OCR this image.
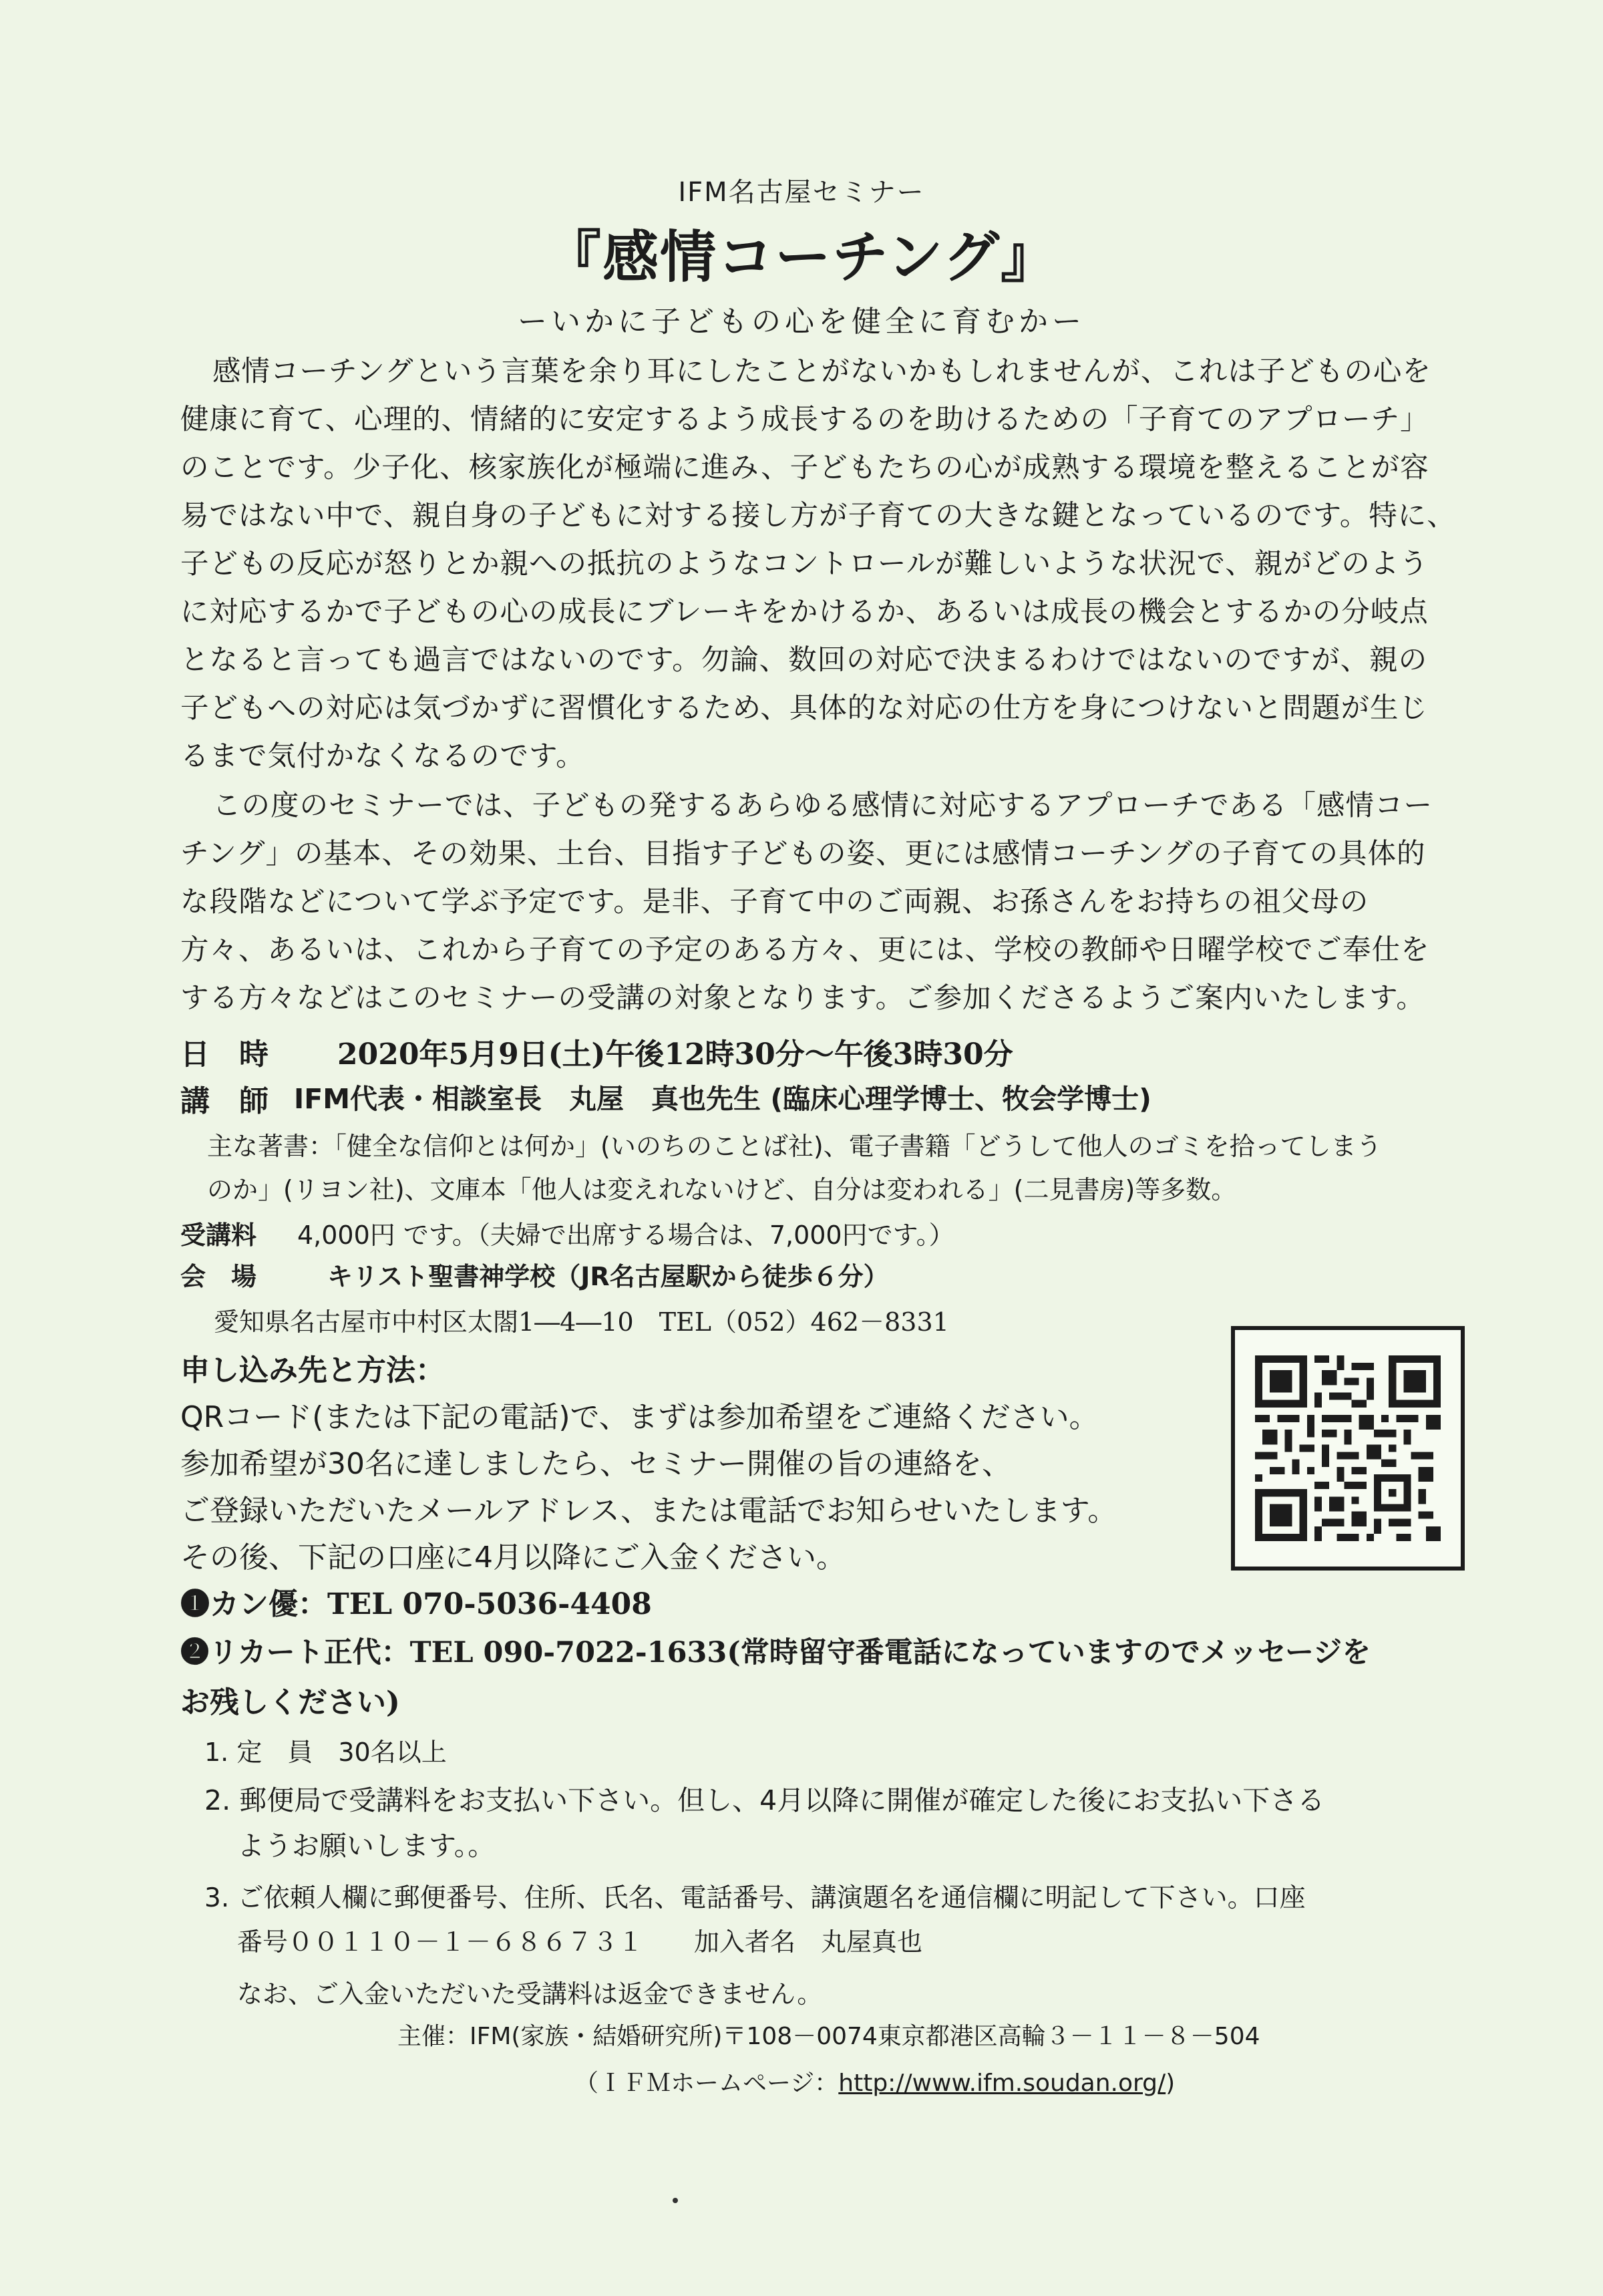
IFM名古屋セミナー
『感情コーチング』
ーいかに子どもの心を健全に育むかー
感情コーチングという言葉を余り耳にしたことがないかもしれませんが、これは子どもの心を
健康に育て、心理的、情緒的に安定するよう成長するのを助けるための「子育てのアプローチ」
のことです。少子化、核家族化が極端に進み、子どもたちの心が成熟する環境を整えることが容
易ではない中で、親自身の子どもに対する接し方が子育ての大きな鍵となっているのです。特に、
子どもの反応が怒りとか親への抵抗のようなコントロールが難しいような状況で、親がどのよう
に対応するかで子どもの心の成長にブレーキをかけるか、あるいは成長の機会とするかの分岐点
となると言っても過言ではないのです。勿論、数回の対応で決まるわけではないのですが、親の
子どもへの対応は気づかずに習慣化するため、具体的な対応の仕方を身につけないと問題が生じ
るまで気付かなくなるのです。
この度のセミナーでは、子どもの発するあらゆる感情に対応するアプローチである「感情コー
チング」の基本、その効果、土台、目指す子どもの姿、更には感情コーチングの子育ての具体的
な段階などについて学ぶ予定です。是非、子育て中のご両親、お孫さんをお持ちの祖父母の
方々、あるいは、これから子育ての予定のある方々、更には、学校の教師や日曜学校でご奉仕を
する方々などはこのセミナーの受講の対象となります。ご参加くださるようご案内いたします。
日　時 2020年5月9日(土)午後12時30分～午後3時30分
講　師 IFM代表・相談室長　丸屋　真也先生 (臨床心理学博士、牧会学博士)
主な著書：「健全な信仰とは何か」(いのちのことば社)、電子書籍「どうして他人のゴミを拾ってしまう
のか」(リヨン社)、文庫本「他人は変えれないけど、自分は変われる」(二見書房)等多数。
受講料 4,000円 です。（夫婦で出席する場合は、7,000円です。）
会　場	キリスト聖書神学校（JR名古屋駅から徒歩６分）
愛知県名古屋市中村区太閤1―4―10　TEL（052）462－8331
申し込み先と方法：
QRコード(または下記の電話)で、まずは参加希望をご連絡ください。
参加希望が30名に達しましたら、セミナー開催の旨の連絡を、
ご登録いただいたメールアドレス、または電話でお知らせいたします。
その後、下記の口座に4月以降にご入金ください。
❶カン優：TEL 070-5036-4408
❷リカート正代：TEL 090-7022-1633(常時留守番電話になっていますのでメッセージを
お残しください)
1. 定　員　30名以上
2. 郵便局で受講料をお支払い下さい。但し、4月以降に開催が確定した後にお支払い下さる
ようお願いします。。
3. ご依頼人欄に郵便番号、住所、氏名、電話番号、講演題名を通信欄に明記して下さい。口座
番号００１１０－１－６８６７３１　　加入者名　丸屋真也
なお、ご入金いただいた受講料は返金できません。
主催：IFM(家族・結婚研究所)〒108－0074東京都港区高輪３－１１－８－504
（ＩＦＭホームページ：http://www.ifm.soudan.org/)
